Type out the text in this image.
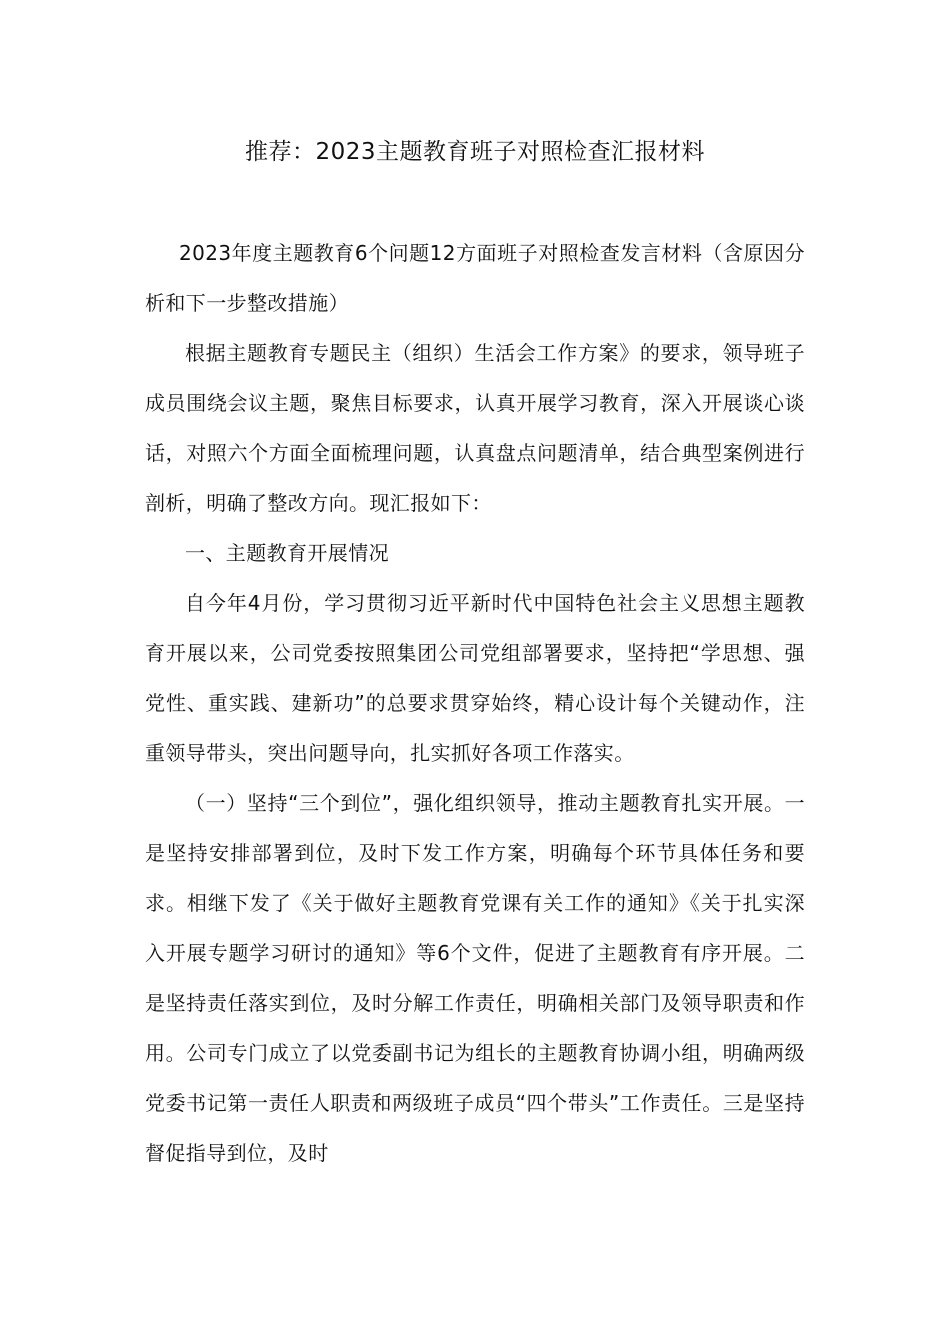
推荐：2023主题教育班子对照检查汇报材料

2023年度主题教育6个问题12方面班子对照检查发言材料（含原因分析和下一步整改措施）

根据主题教育专题民主（组织）生活会工作方案》的要求，领导班子成员围绕会议主题，聚焦目标要求，认真开展学习教育，深入开展谈心谈话，对照六个方面全面梳理问题，认真盘点问题清单，结合典型案例进行剖析，明确了整改方向。现汇报如下：

一、主题教育开展情况

自今年4月份，学习贯彻习近平新时代中国特色社会主义思想主题教育开展以来，公司党委按照集团公司党组部署要求，坚持把“学思想、强党性、重实践、建新功”的总要求贯穿始终，精心设计每个关键动作，注重领导带头，突出问题导向，扎实抓好各项工作落实。

（一）坚持“三个到位”，强化组织领导，推动主题教育扎实开展。一是坚持安排部署到位，及时下发工作方案，明确每个环节具体任务和要求。相继下发了《关于做好主题教育党课有关工作的通知》《关于扎实深入开展专题学习研讨的通知》等6个文件，促进了主题教育有序开展。二是坚持责任落实到位，及时分解工作责任，明确相关部门及领导职责和作用。公司专门成立了以党委副书记为组长的主题教育协调小组，明确两级党委书记第一责任人职责和两级班子成员“四个带头”工作责任。三是坚持督促指导到位，及时
